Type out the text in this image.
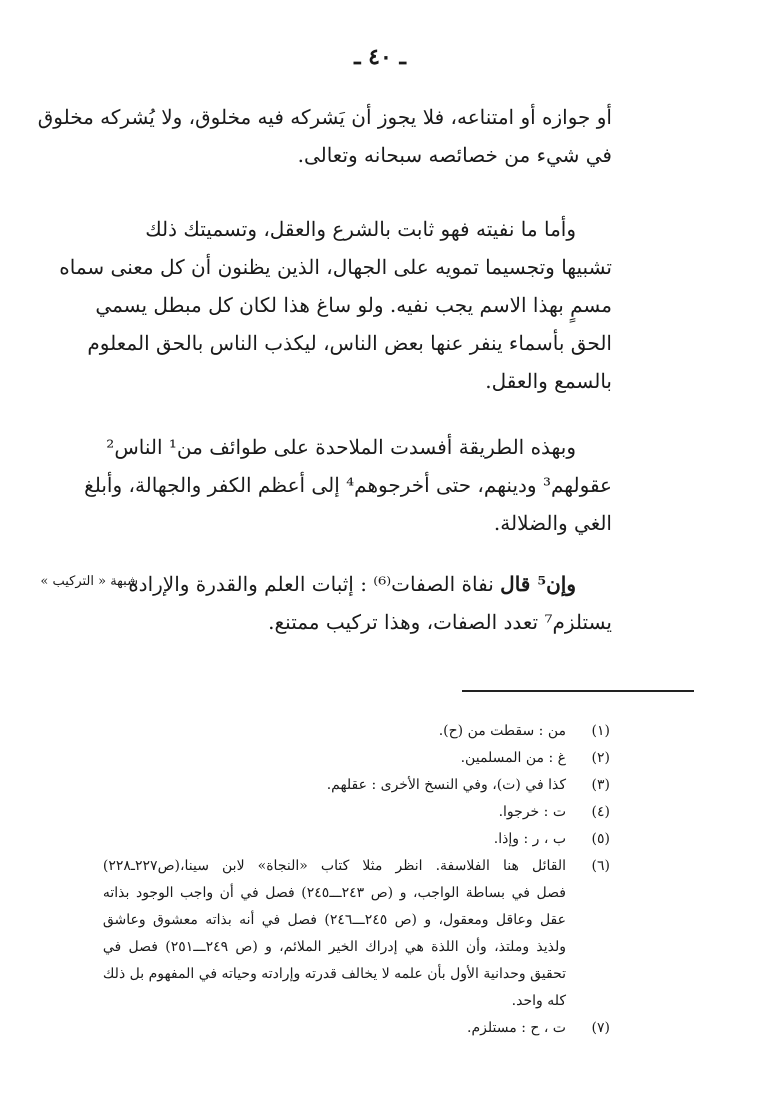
ـ ٤٠ ـ
أو جوازه أو امتناعه، فلا يجوز أن يَشركه فيه مخلوق، ولا يُشركه مخلوق
في شيء من خصائصه سبحانه وتعالى.
وأما ما نفيته فهو ثابت بالشرع والعقل، وتسميتك ذلك
تشبيها وتجسيما تمويه على الجهال، الذين يظنون أن كل معنى سماه
مسمٍ بهذا الاسم يجب نفيه. ولو ساغ هذا لكان كل مبطل يسمي
الحق بأسماء ينفر عنها بعض الناس، ليكذب الناس بالحق المعلوم
بالسمع والعقل.
وبهذه الطريقة أفسدت الملاحدة على طوائف من¹ الناس²
عقولهم³ ودينهم، حتى أخرجوهم⁴ إلى أعظم الكفر والجهالة، وأبلغ
الغي والضلالة.
وإن⁵ قال نفاة الصفات⁽⁶⁾ : إثبات العلم والقدرة والإرادة
يستلزم⁷ تعدد الصفات، وهذا تركيب ممتنع.
شبهة « التركيب »
(١)
من : سقطت من (ح).
(٢)
غ : من المسلمين.
(٣)
كذا في (ت)، وفي النسخ الأخرى : عقلهم.
(٤)
ت : خرجوا.
(٥)
ب ، ر : وإذا.
(٦)
القائل هنا الفلاسفة. انظر مثلا كتاب «النجاة» لابن سينا،(ص٢٢٧ـ٢٢٨)
فصل في بساطة الواجب، و (ص ٢٤٣ـــ٢٤٥) فصل في أن واجب الوجود بذاته
عقل وعاقل ومعقول، و (ص ٢٤٥ـــ٢٤٦) فصل في أنه بذاته معشوق وعاشق
ولذيذ وملتذ، وأن اللذة هي إدراك الخير الملائم، و (ص ٢٤٩ـــ٢٥١) فصل في
تحقيق وحدانية الأول بأن علمه لا يخالف قدرته وإرادته وحياته في المفهوم بل ذلك
كله واحد.
(٧)
ت ، ح : مستلزم.
